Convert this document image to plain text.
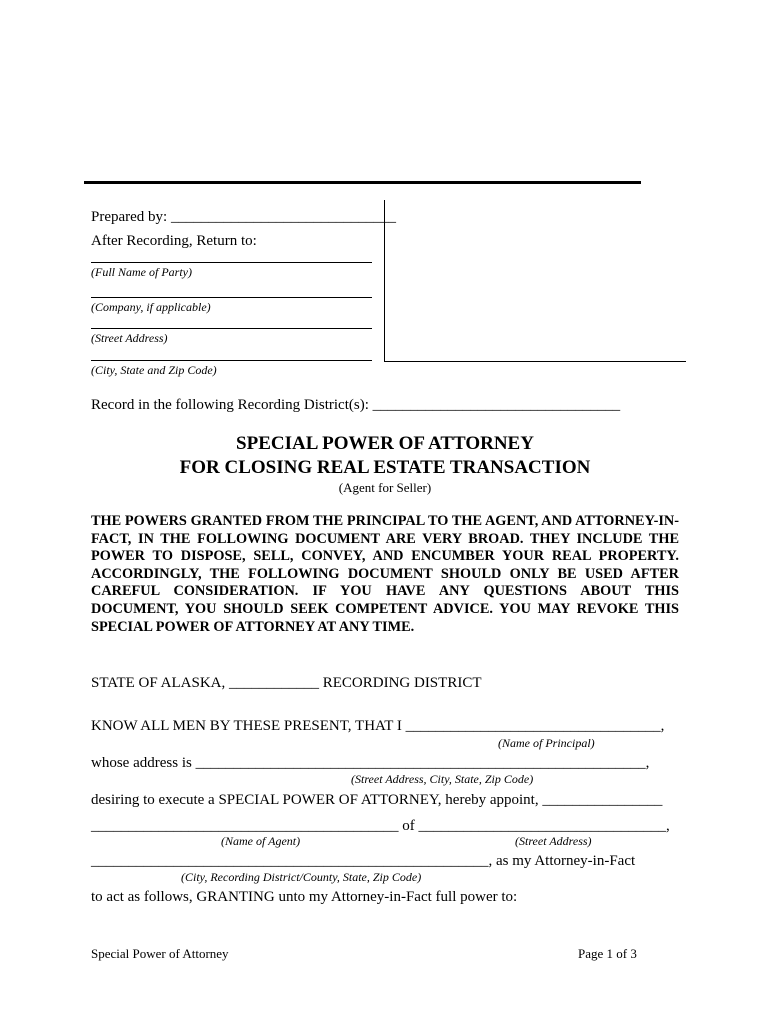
Prepared by: ______________________________
After Recording, Return to:
(Full Name of Party)
(Company, if applicable)
(Street Address)
(City, State and Zip Code)
Record in the following Recording District(s): _________________________________
SPECIAL POWER OF ATTORNEY
FOR CLOSING REAL ESTATE TRANSACTION
(Agent for Seller)
THE POWERS GRANTED FROM THE PRINCIPAL TO THE AGENT, AND ATTORNEY-IN-FACT, IN THE FOLLOWING DOCUMENT ARE VERY BROAD. THEY INCLUDE THE POWER TO DISPOSE, SELL, CONVEY, AND ENCUMBER YOUR REAL PROPERTY. ACCORDINGLY, THE FOLLOWING DOCUMENT SHOULD ONLY BE USED AFTER CAREFUL CONSIDERATION. IF YOU HAVE ANY QUESTIONS ABOUT THIS DOCUMENT, YOU SHOULD SEEK COMPETENT ADVICE. YOU MAY REVOKE THIS SPECIAL POWER OF ATTORNEY AT ANY TIME.
STATE OF ALASKA, ____________ RECORDING DISTRICT
KNOW ALL MEN BY THESE PRESENT, THAT I __________________________________,
(Name of Principal)
whose address is ____________________________________________________________,
(Street Address, City, State, Zip Code)
desiring to execute a SPECIAL POWER OF ATTORNEY, hereby appoint, ________________
_________________________________________ of _________________________________,
(Name of Agent)	(Street Address)
_____________________________________________________, as my Attorney-in-Fact
(City, Recording District/County, State, Zip Code)
to act as follows, GRANTING unto my Attorney-in-Fact full power to:
Special Power of Attorney	Page 1 of 3
